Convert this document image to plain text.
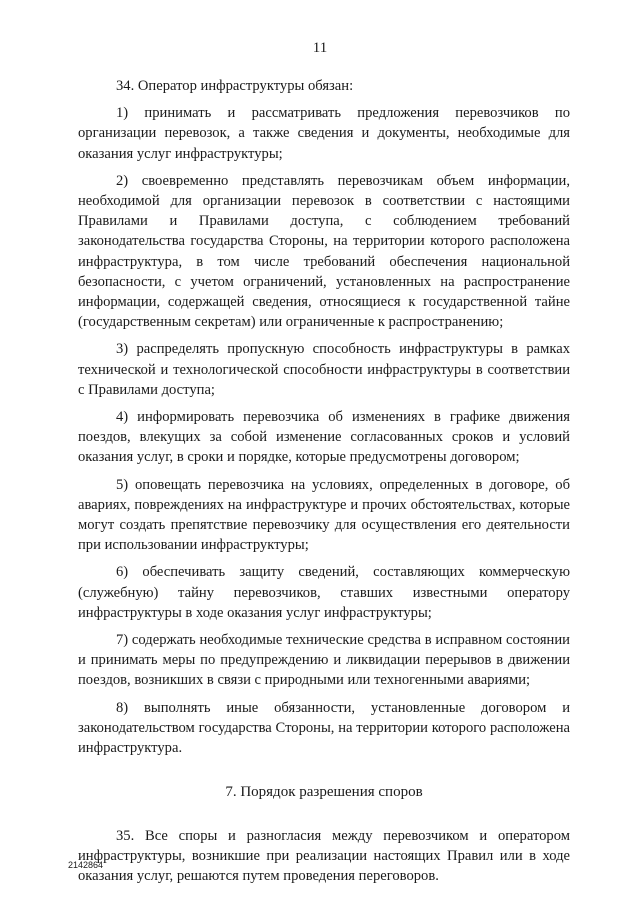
11

34. Оператор инфраструктуры обязан:

1) принимать и рассматривать предложения перевозчиков по организации перевозок, а также сведения и документы, необходимые для оказания услуг инфраструктуры;

2) своевременно представлять перевозчикам объем информации, необходимой для организации перевозок в соответствии с настоящими Правилами и Правилами доступа, с соблюдением требований законодательства государства Стороны, на территории которого расположена инфраструктура, в том числе требований обеспечения национальной безопасности, с учетом ограничений, установленных на распространение информации, содержащей сведения, относящиеся к государственной тайне (государственным секретам) или ограниченные к распространению;

3) распределять пропускную способность инфраструктуры в рамках технической и технологической способности инфраструктуры в соответствии с Правилами доступа;

4) информировать перевозчика об изменениях в графике движения поездов, влекущих за собой изменение согласованных сроков и условий оказания услуг, в сроки и порядке, которые предусмотрены договором;

5) оповещать перевозчика на условиях, определенных в договоре, об авариях, повреждениях на инфраструктуре и прочих обстоятельствах, которые могут создать препятствие перевозчику для осуществления его деятельности при использовании инфраструктуры;

6) обеспечивать защиту сведений, составляющих коммерческую (служебную) тайну перевозчиков, ставших известными оператору инфраструктуры в ходе оказания услуг инфраструктуры;

7) содержать необходимые технические средства в исправном состоянии и принимать меры по предупреждению и ликвидации перерывов в движении поездов, возникших в связи с природными или техногенными авариями;

8) выполнять иные обязанности, установленные договором и законодательством государства Стороны, на территории которого расположена инфраструктура.

7. Порядок разрешения споров

35. Все споры и разногласия между перевозчиком и оператором инфраструктуры, возникшие при реализации настоящих Правил или в ходе оказания услуг, решаются путем проведения переговоров.

2142864
